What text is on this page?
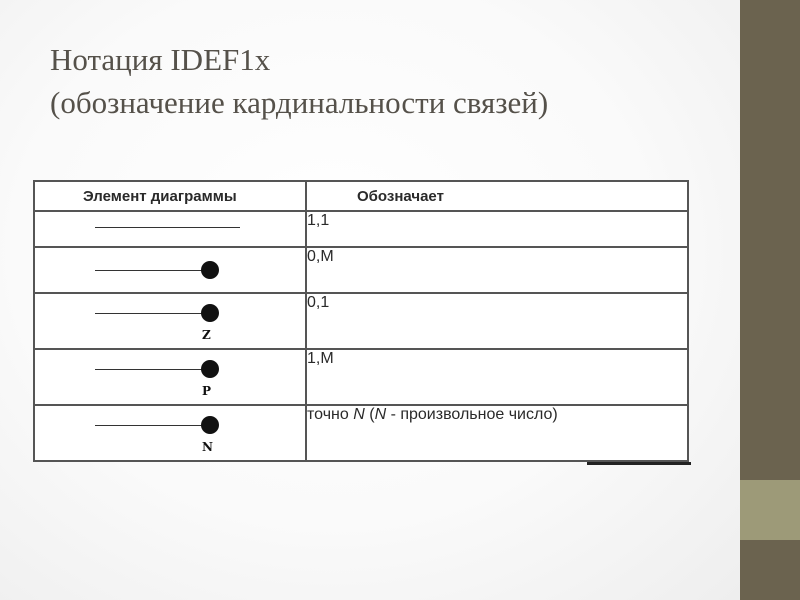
Нотация IDEF1x
(обозначение кардинальности связей)
Элемент диаграммы	Обозначает

	1,1

	0,M

Z	0,1

P	1,M

N	точно N (N - произвольное число)
